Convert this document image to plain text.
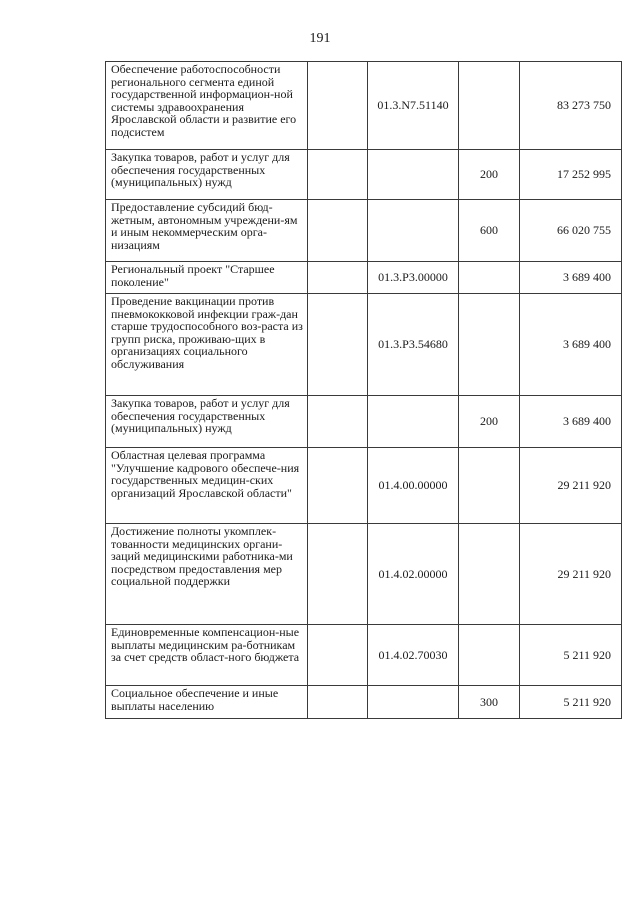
191
Обеспечение работоспособности регионального сегмента единой государственной информацион-ной системы здравоохранения Ярославской области и развитие его подсистем		01.3.N7.51140		83 273 750
Закупка товаров, работ и услуг для обеспечения государственных (муниципальных) нужд			200	17 252 995
Предоставление субсидий бюд-жетным, автономным учреждени-ям и иным некоммерческим орга-низациям			600	66 020 755
Региональный проект "Старшее поколение"		01.3.P3.00000		3 689 400
Проведение вакцинации против пневмококковой инфекции граж-дан старше трудоспособного воз-раста из групп риска, проживаю-щих в организациях социального обслуживания		01.3.P3.54680		3 689 400
Закупка товаров, работ и услуг для обеспечения государственных (муниципальных) нужд			200	3 689 400
Областная целевая программа "Улучшение кадрового обеспече-ния государственных медицин-ских организаций Ярославской области"		01.4.00.00000		29 211 920
Достижение полноты укомплек-тованности медицинских органи-заций медицинскими работника-ми посредством предоставления мер социальной поддержки		01.4.02.00000		29 211 920
Единовременные компенсацион-ные выплаты медицинским ра-ботникам за счет средств област-ного бюджета		01.4.02.70030		5 211 920
Социальное обеспечение и иные выплаты населению			300	5 211 920
